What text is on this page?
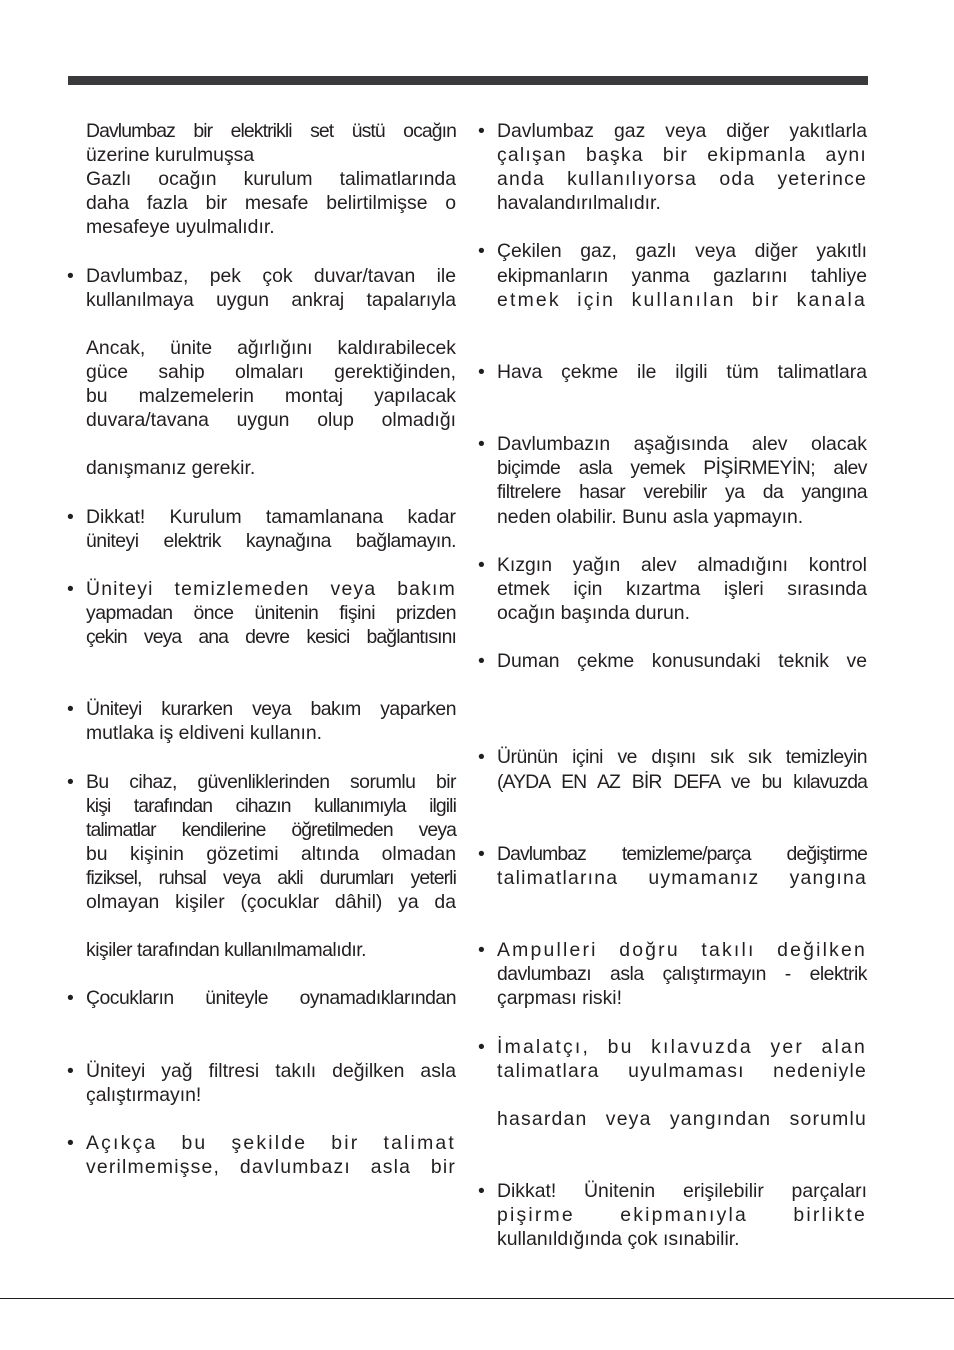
Davlumbaz bir elektrikli set üstü ocağın
üzerine kurulmuşsa
Gazlı ocağın kurulum talimatlarında
daha fazla bir mesafe belirtilmişse o
mesafeye uyulmalıdır.
• Davlumbaz, pek çok duvar/tavan ile
kullanılmaya uygun ankraj tapalarıyla
Ancak, ünite ağırlığını kaldırabilecek
güce sahip olmaları gerektiğinden,
bu malzemelerin montaj yapılacak
duvara/tavana uygun olup olmadığı
danışmanız gerekir.
• Dikkat! Kurulum tamamlanana kadar
üniteyi elektrik kaynağına bağlamayın.
• Üniteyi temizlemeden veya bakım
yapmadan önce ünitenin fişini prizden
çekin veya ana devre kesici bağlantısını
• Üniteyi kurarken veya bakım yaparken
mutlaka iş eldiveni kullanın.
• Bu cihaz, güvenliklerinden sorumlu bir
kişi tarafından cihazın kullanımıyla ilgili
talimatlar kendilerine öğretilmeden veya
bu kişinin gözetimi altında olmadan
fiziksel, ruhsal veya akli durumları yeterli
olmayan kişiler (çocuklar dâhil) ya da
kişiler tarafından kullanılmamalıdır.
• Çocukların üniteyle oynamadıklarından
• Üniteyi yağ filtresi takılı değilken asla
çalıştırmayın!
• Açıkça bu şekilde bir talimat
verilmemişse, davlumbazı asla bir
• Davlumbaz gaz veya diğer yakıtlarla
çalışan başka bir ekipmanla aynı
anda kullanılıyorsa oda yeterince
havalandırılmalıdır.
• Çekilen gaz, gazlı veya diğer yakıtlı
ekipmanların yanma gazlarını tahliye
etmek için kullanılan bir kanala
• Hava çekme ile ilgili tüm talimatlara
• Davlumbazın aşağısında alev olacak
biçimde asla yemek PİŞİRMEYİN; alev
filtrelere hasar verebilir ya da yangına
neden olabilir. Bunu asla yapmayın.
• Kızgın yağın alev almadığını kontrol
etmek için kızartma işleri sırasında
ocağın başında durun.
• Duman çekme konusundaki teknik ve
• Ürünün içini ve dışını sık sık temizleyin
(AYDA EN AZ BİR DEFA ve bu kılavuzda
• Davlumbaz temizleme/parça değiştirme
talimatlarına uymamanız yangına
• Ampulleri doğru takılı değilken
davlumbazı asla çalıştırmayın - elektrik
çarpması riski!
• İmalatçı, bu kılavuzda yer alan
talimatlara uyulmaması nedeniyle
hasardan veya yangından sorumlu
• Dikkat! Ünitenin erişilebilir parçaları
pişirme ekipmanıyla birlikte
kullanıldığında çok ısınabilir.
